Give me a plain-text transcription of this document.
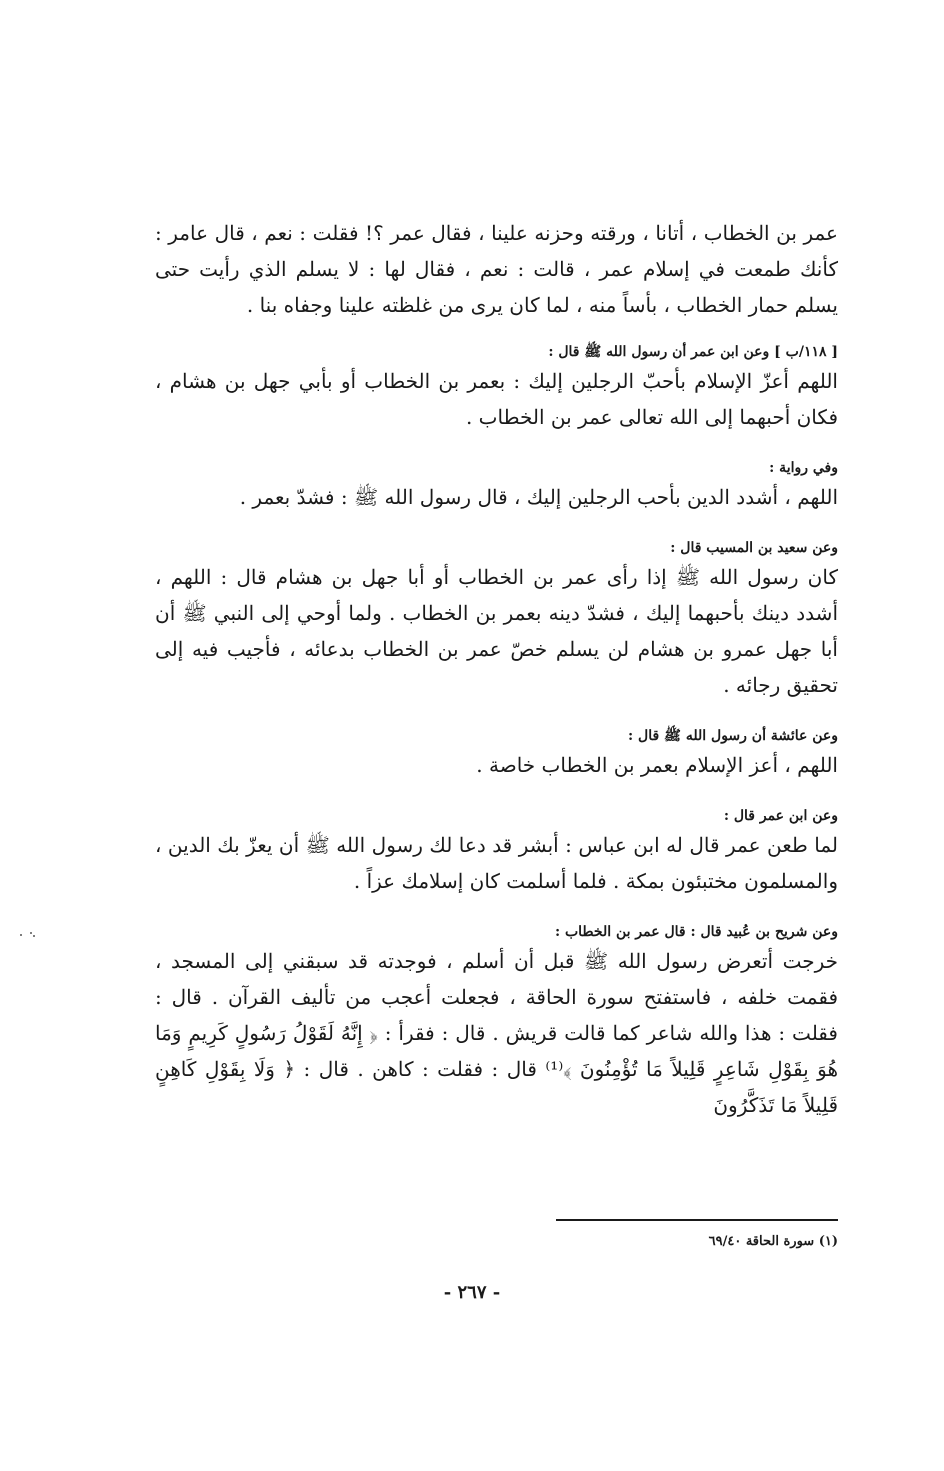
عمر بن الخطاب ، أتانا ، ورقته وحزنه علينا ، فقال عمر ؟! فقلت : نعم ، قال عامر : كأنك طمعت في إسلام عمر ، قالت : نعم ، فقال لها : لا يسلم الذي رأيت حتى يسلم حمار الخطاب ، بأساً منه ، لما كان يرى من غلظته علينا وجفاه بنا .

[ ١١٨/ب ] وعن ابن عمر أن رسول الله ﷺ قال :

اللهم أعزّ الإسلام بأحبّ الرجلين إليك : بعمر بن الخطاب أو بأبي جهل بن هشام ، فكان أحبهما إلى الله تعالى عمر بن الخطاب .

وفي رواية :

اللهم ، أشدد الدين بأحب الرجلين إليك ، قال رسول الله ﷺ : فشدّ بعمر .

وعن سعيد بن المسيب قال :

كان رسول الله ﷺ إذا رأى عمر بن الخطاب أو أبا جهل بن هشام قال : اللهم ، أشدد دينك بأحبهما إليك ، فشدّ دينه بعمر بن الخطاب . ولما أوحي إلى النبي ﷺ أن أبا جهل عمرو بن هشام لن يسلم خصّ عمر بن الخطاب بدعائه ، فأجيب فيه إلى تحقيق رجائه .

وعن عائشة أن رسول الله ﷺ قال :

اللهم ، أعز الإسلام بعمر بن الخطاب خاصة .

وعن ابن عمر قال :

لما طعن عمر قال له ابن عباس : أبشر قد دعا لك رسول الله ﷺ أن يعزّ بك الدين ، والمسلمون مختبئون بمكة . فلما أسلمت كان إسلامك عزاً .

وعن شريح بن عُبيد قال : قال عمر بن الخطاب :

خرجت أتعرض رسول الله ﷺ قبل أن أسلم ، فوجدته قد سبقني إلى المسجد ، فقمت خلفه ، فاستفتح سورة الحاقة ، فجعلت أعجب من تأليف القرآن . قال : فقلت : هذا والله شاعر كما قالت قريش . قال : فقرأ : ﴿ إِنَّهُ لَقَوْلُ رَسُولٍ كَرِيمٍ وَمَا هُوَ بِقَوْلِ شَاعِرٍ قَلِيلاً مَا تُؤْمِنُونَ ﴾⁽¹⁾ قال : فقلت : كاهن . قال : ﴿ وَلَا بِقَوْلِ كَاهِنٍ قَلِيلاً مَا تَذَكَّرُونَ

(١) سورة الحاقة ٦٩/٤٠
- ٢٦٧ -
